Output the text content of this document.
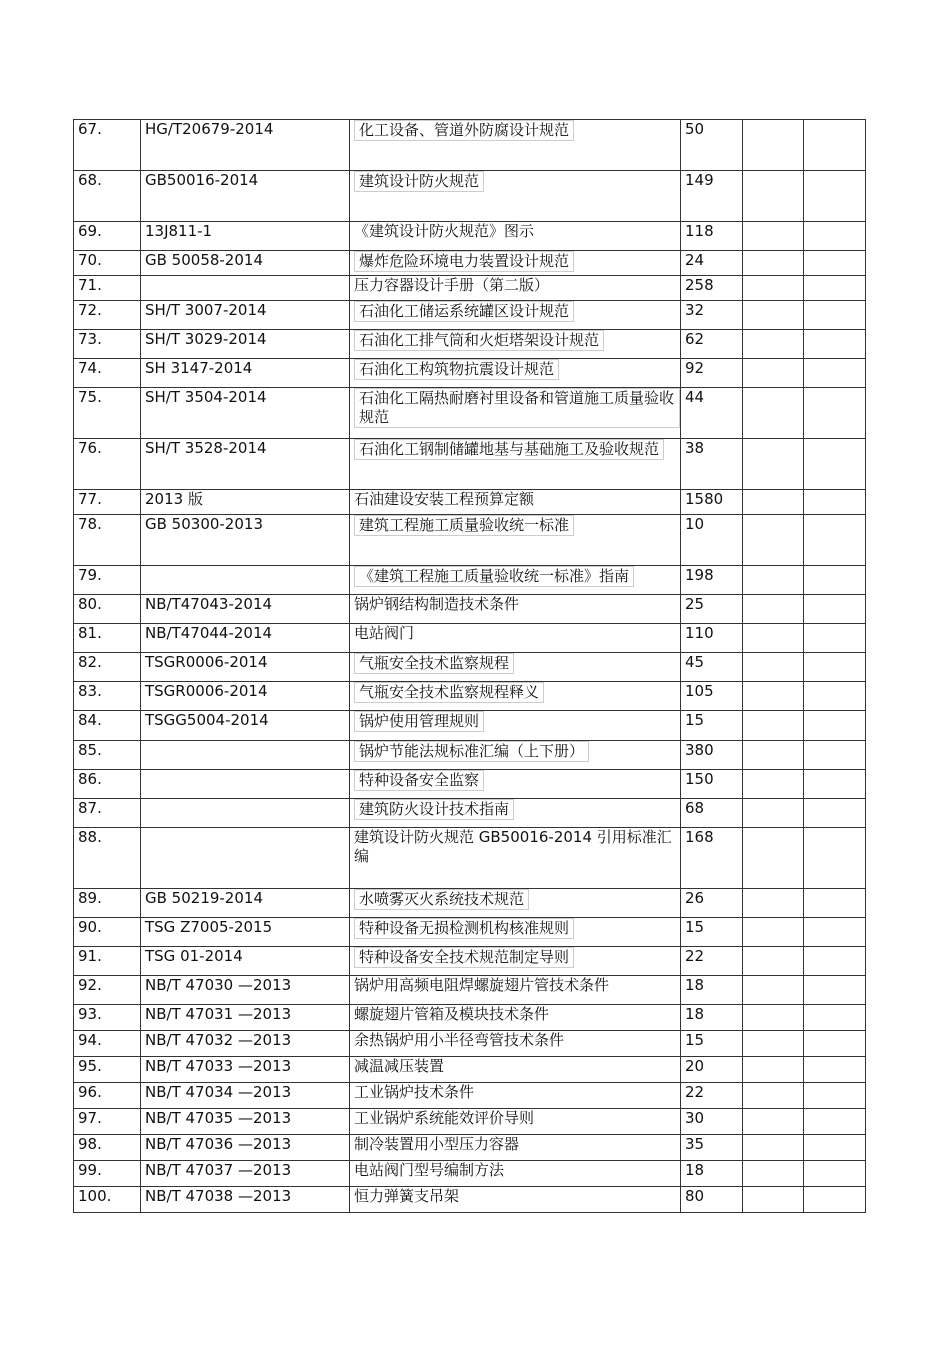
67.	HG/T20679-2014	化工设备、管道外防腐设计规范	50		
68.	GB50016-2014	建筑设计防火规范	149		
69.	13J811-1	《建筑设计防火规范》图示	118		
70.	GB 50058-2014	爆炸危险环境电力装置设计规范	24		
71.		压力容器设计手册（第二版）	258		
72.	SH/T 3007-2014	石油化工储运系统罐区设计规范	32		
73.	SH/T 3029-2014	石油化工排气筒和火炬塔架设计规范	62		
74.	SH 3147-2014	石油化工构筑物抗震设计规范	92		
75.	SH/T 3504-2014	石油化工隔热耐磨衬里设备和管道施工质量验收规范	44		
76.	SH/T 3528-2014	石油化工钢制储罐地基与基础施工及验收规范	38		
77.	2013 版	石油建设安装工程预算定额	1580		
78.	GB 50300-2013	建筑工程施工质量验收统一标准	10		
79.		《建筑工程施工质量验收统一标准》指南	198		
80.	NB/T47043-2014	锅炉钢结构制造技术条件	25		
81.	NB/T47044-2014	电站阀门	110		
82.	TSGR0006-2014	气瓶安全技术监察规程	45		
83.	TSGR0006-2014	气瓶安全技术监察规程释义	105		
84.	TSGG5004-2014	锅炉使用管理规则	15		
85.		锅炉节能法规标准汇编（上下册）	380		
86.		特种设备安全监察	150		
87.		建筑防火设计技术指南	68		
88.		建筑设计防火规范 GB50016-2014 引用标准汇编	168		
89.	GB 50219-2014	水喷雾灭火系统技术规范	26		
90.	TSG Z7005-2015	特种设备无损检测机构核准规则	15		
91.	TSG 01-2014	特种设备安全技术规范制定导则	22		
92.	NB/T 47030 —2013	锅炉用高频电阻焊螺旋翅片管技术条件	18		
93.	NB/T 47031 —2013	螺旋翅片管箱及模块技术条件	18		
94.	NB/T 47032 —2013	余热锅炉用小半径弯管技术条件	15		
95.	NB/T 47033 —2013	减温减压装置	20		
96.	NB/T 47034 —2013	工业锅炉技术条件	22		
97.	NB/T 47035 —2013	工业锅炉系统能效评价导则	30		
98.	NB/T 47036 —2013	制冷装置用小型压力容器	35		
99.	NB/T 47037 —2013	电站阀门型号编制方法	18		
100.	NB/T 47038 —2013	恒力弹簧支吊架	80		
